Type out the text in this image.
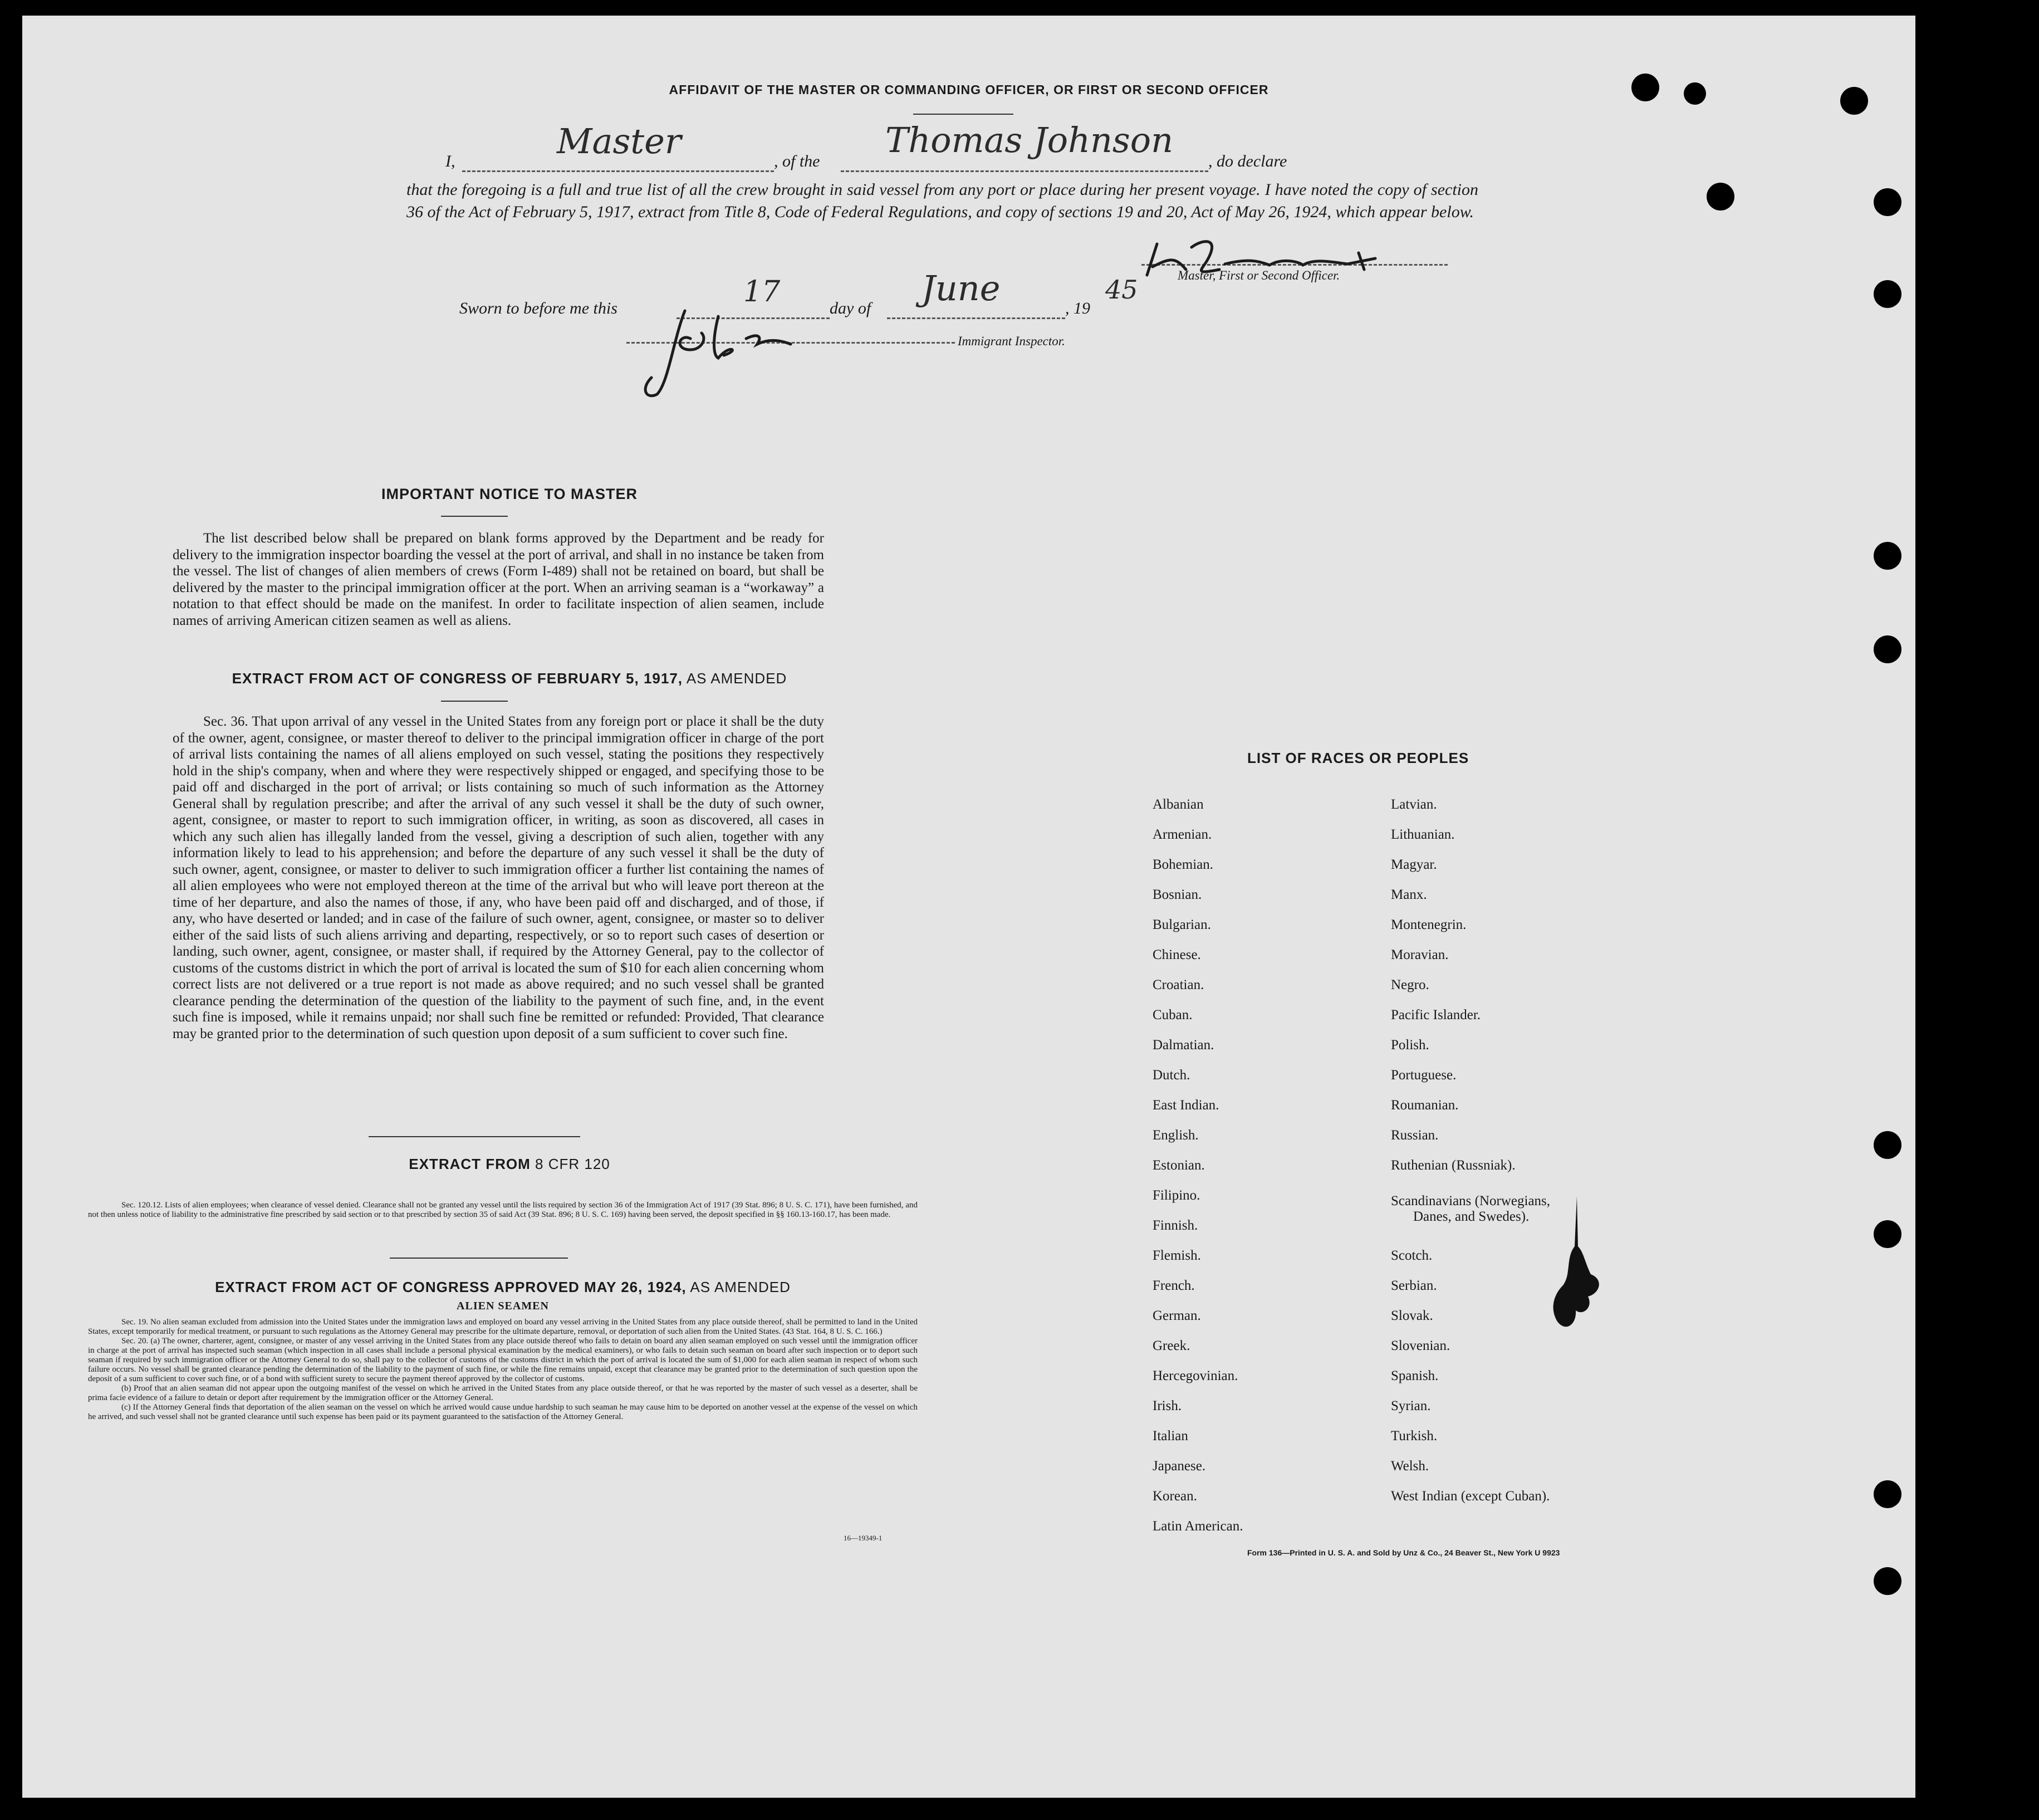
AFFIDAVIT OF THE MASTER OR COMMANDING OFFICER, OR FIRST OR SECOND OFFICER
I,	Master	, of the
Thomas Johnson
, do declare
that the foregoing is a full and true list of all the crew brought in said vessel from any port or place during her present voyage. I have noted the copy of section 36 of the Act of February 5, 1917, extract from Title 8, Code of Federal Regulations, and copy of sections 19 and 20, Act of May 26, 1924, which appear below.
Master, First or Second Officer.
Sworn to before me this	17	day of June	, 19
45
Immigrant Inspector.
IMPORTANT NOTICE TO MASTER
The list described below shall be prepared on blank forms approved by the Department and be ready for delivery to the immigration inspector boarding the vessel at the port of arrival, and shall in no instance be taken from the vessel. The list of changes of alien members of crews (Form I-489) shall not be retained on board, but shall be delivered by the master to the principal immigration officer at the port. When an arriving seaman is a “workaway” a notation to that effect should be made on the manifest. In order to facilitate inspection of alien seamen, include names of arriving American citizen seamen as well as aliens.
EXTRACT FROM ACT OF CONGRESS OF FEBRUARY 5, 1917, AS AMENDED
Sec. 36. That upon arrival of any vessel in the United States from any foreign port or place it shall be the duty of the owner, agent, consignee, or master thereof to deliver to the principal immigration officer in charge of the port of arrival lists containing the names of all aliens employed on such vessel, stating the positions they respectively hold in the ship's company, when and where they were respectively shipped or engaged, and specifying those to be paid off and discharged in the port of arrival; or lists containing so much of such information as the Attorney General shall by regulation prescribe; and after the arrival of any such vessel it shall be the duty of such owner, agent, consignee, or master to report to such immigration officer, in writing, as soon as discovered, all cases in which any such alien has illegally landed from the vessel, giving a description of such alien, together with any information likely to lead to his apprehension; and before the departure of any such vessel it shall be the duty of such owner, agent, consignee, or master to deliver to such immigration officer a further list containing the names of all alien employees who were not employed thereon at the time of the arrival but who will leave port thereon at the time of her departure, and also the names of those, if any, who have been paid off and discharged, and of those, if any, who have deserted or landed; and in case of the failure of such owner, agent, consignee, or master so to deliver either of the said lists of such aliens arriving and departing, respectively, or so to report such cases of desertion or landing, such owner, agent, consignee, or master shall, if required by the Attorney General, pay to the collector of customs of the customs district in which the port of arrival is located the sum of $10 for each alien concerning whom correct lists are not delivered or a true report is not made as above required; and no such vessel shall be granted clearance pending the determination of the question of the liability to the payment of such fine, and, in the event such fine is imposed, while it remains unpaid; nor shall such fine be remitted or refunded: Provided, That clearance may be granted prior to the determination of such question upon deposit of a sum sufficient to cover such fine.
EXTRACT FROM 8 CFR 120
Sec. 120.12. Lists of alien employees; when clearance of vessel denied. Clearance shall not be granted any vessel until the lists required by section 36 of the Immigration Act of 1917 (39 Stat. 896; 8 U. S. C. 171), have been furnished, and not then unless notice of liability to the administrative fine prescribed by said section or to that prescribed by section 35 of said Act (39 Stat. 896; 8 U. S. C. 169) having been served, the deposit specified in §§ 160.13-160.17, has been made.
EXTRACT FROM ACT OF CONGRESS APPROVED MAY 26, 1924, AS AMENDED
ALIEN SEAMEN
Sec. 19. No alien seaman excluded from admission into the United States under the immigration laws and employed on board any vessel arriving in the United States from any place outside thereof, shall be permitted to land in the United States, except temporarily for medical treatment, or pursuant to such regulations as the Attorney General may prescribe for the ultimate departure, removal, or deportation of such alien from the United States. (43 Stat. 164, 8 U. S. C. 166.)
Sec. 20. (a) The owner, charterer, agent, consignee, or master of any vessel arriving in the United States from any place outside thereof who fails to detain on board any alien seaman employed on such vessel until the immigration officer in charge at the port of arrival has inspected such seaman (which inspection in all cases shall include a personal physical examination by the medical examiners), or who fails to detain such seaman on board after such inspection or to deport such seaman if required by such immigration officer or the Attorney General to do so, shall pay to the collector of customs of the customs district in which the port of arrival is located the sum of $1,000 for each alien seaman in respect of whom such failure occurs. No vessel shall be granted clearance pending the determination of the liability to the payment of such fine, or while the fine remains unpaid, except that clearance may be granted prior to the determination of such question upon the deposit of a sum sufficient to cover such fine, or of a bond with sufficient surety to secure the payment thereof approved by the collector of customs.
(b) Proof that an alien seaman did not appear upon the outgoing manifest of the vessel on which he arrived in the United States from any place outside thereof, or that he was reported by the master of such vessel as a deserter, shall be prima facie evidence of a failure to detain or deport after requirement by the immigration officer or the Attorney General.
(c) If the Attorney General finds that deportation of the alien seaman on the vessel on which he arrived would cause undue hardship to such seaman he may cause him to be deported on another vessel at the expense of the vessel on which he arrived, and such vessel shall not be granted clearance until such expense has been paid or its payment guaranteed to the satisfaction of the Attorney General.
16—19349-1
LIST OF RACES OR PEOPLES
Albanian
Armenian.
Bohemian.
Bosnian.
Bulgarian.
Chinese.
Croatian.
Cuban.
Dalmatian.
Dutch.
East Indian.
English.
Estonian.
Filipino.
Finnish.
Flemish.
French.
German.
Greek.
Hercegovinian.
Irish.
Italian
Japanese.
Korean.
Latin American.
Latvian.
Lithuanian.
Magyar.
Manx.
Montenegrin.
Moravian.
Negro.
Pacific Islander.
Polish.
Portuguese.
Roumanian.
Russian.
Ruthenian (Russniak).
Scandinavians (Norwegians,
Danes, and Swedes).
Scotch.
Serbian.
Slovak.
Slovenian.
Spanish.
Syrian.
Turkish.
Welsh.
West Indian (except Cuban).
Form 136—Printed in U. S. A. and Sold by Unz & Co., 24 Beaver St., New York U 9923
